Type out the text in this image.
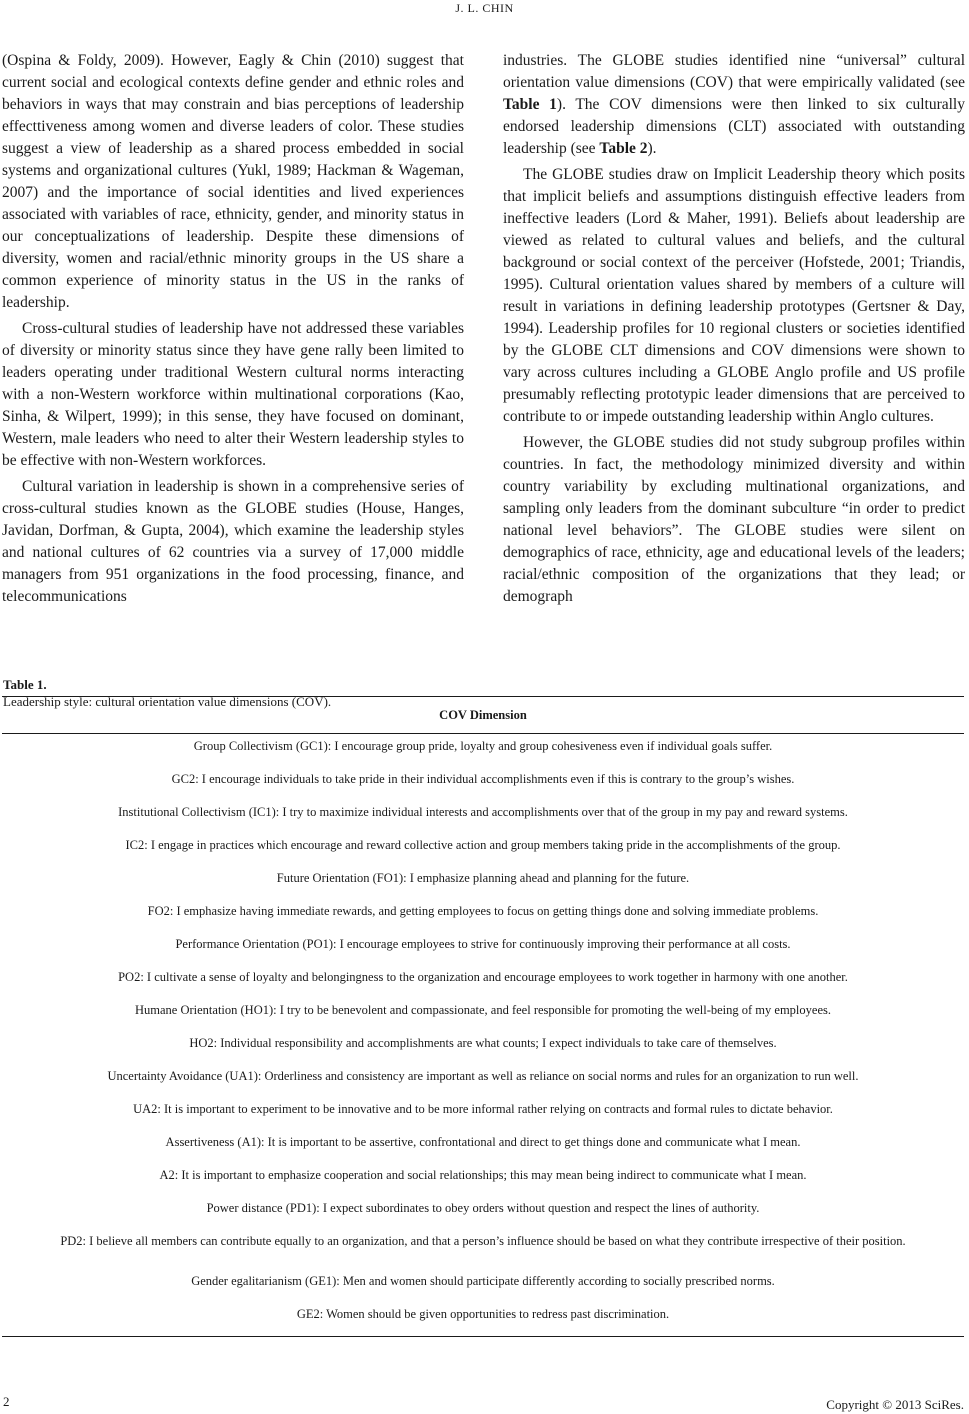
J. L. CHIN

(Ospina & Foldy, 2009). However, Eagly & Chin (2010) suggest that current social and ecological contexts define gender and ethnic roles and behaviors in ways that may constrain and bias perceptions of leadership effecttiveness among women and diverse leaders of color. These studies suggest a view of leadership as a shared process embedded in social systems and organizational cultures (Yukl, 1989; Hackman & Wageman, 2007) and the importance of social identities and lived experiences associated with variables of race, ethnicity, gender, and minority status in our conceptualizations of leadership. Despite these dimensions of diversity, women and racial/ethnic minority groups in the US share a common experience of minority status in the US in the ranks of leadership.

Cross-cultural studies of leadership have not addressed these variables of diversity or minority status since they have gene rally been limited to leaders operating under traditional Western cultural norms interacting with a non-Western workforce within multinational corporations (Kao, Sinha, & Wilpert, 1999); in this sense, they have focused on dominant, Western, male leaders who need to alter their Western leadership styles to be effective with non-Western workforces.

Cultural variation in leadership is shown in a comprehensive series of cross-cultural studies known as the GLOBE studies (House, Hanges, Javidan, Dorfman, & Gupta, 2004), which examine the leadership styles and national cultures of 62 countries via a survey of 17,000 middle managers from 951 organizations in the food processing, finance, and telecommunications

industries. The GLOBE studies identified nine “universal” cultural orientation value dimensions (COV) that were empirically validated (see Table 1). The COV dimensions were then linked to six culturally endorsed leadership dimensions (CLT) associated with outstanding leadership (see Table 2).

The GLOBE studies draw on Implicit Leadership theory which posits that implicit beliefs and assumptions distinguish effective leaders from ineffective leaders (Lord & Maher, 1991). Beliefs about leadership are viewed as related to cultural values and beliefs, and the cultural background or social context of the perceiver (Hofstede, 2001; Triandis, 1995). Cultural orientation values shared by members of a culture will result in variations in defining leadership prototypes (Gertsner & Day, 1994). Leadership profiles for 10 regional clusters or societies identified by the GLOBE CLT dimensions and COV dimensions were shown to vary across cultures including a GLOBE Anglo profile and US profile presumably reflecting prototypic leader dimensions that are perceived to contribute to or impede outstanding leadership within Anglo cultures.

However, the GLOBE studies did not study subgroup profiles within countries. In fact, the methodology minimized diversity and within country variability by excluding multinational organizations, and sampling only leaders from the dominant subculture “in order to predict national level behaviors”. The GLOBE studies were silent on demographics of race, ethnicity, age and educational levels of the leaders; racial/ethnic composition of the organizations that they lead; or demograph

Table 1.
Leadership style: cultural orientation value dimensions (COV).
COV Dimension
Group Collectivism (GC1): I encourage group pride, loyalty and group cohesiveness even if individual goals suffer.
GC2: I encourage individuals to take pride in their individual accomplishments even if this is contrary to the group’s wishes.
Institutional Collectivism (IC1): I try to maximize individual interests and accomplishments over that of the group in my pay and reward systems.
IC2: I engage in practices which encourage and reward collective action and group members taking pride in the accomplishments of the group.
Future Orientation (FO1): I emphasize planning ahead and planning for the future.
FO2: I emphasize having immediate rewards, and getting employees to focus on getting things done and solving immediate problems.
Performance Orientation (PO1): I encourage employees to strive for continuously improving their performance at all costs.
PO2: I cultivate a sense of loyalty and belongingness to the organization and encourage employees to work together in harmony with one another.
Humane Orientation (HO1): I try to be benevolent and compassionate, and feel responsible for promoting the well-being of my employees.
HO2: Individual responsibility and accomplishments are what counts; I expect individuals to take care of themselves.
Uncertainty Avoidance (UA1): Orderliness and consistency are important as well as reliance on social norms and rules for an organization to run well.
UA2: It is important to experiment to be innovative and to be more informal rather relying on contracts and formal rules to dictate behavior.
Assertiveness (A1): It is important to be assertive, confrontational and direct to get things done and communicate what I mean.
A2: It is important to emphasize cooperation and social relationships; this may mean being indirect to communicate what I mean.
Power distance (PD1): I expect subordinates to obey orders without question and respect the lines of authority.
PD2: I believe all members can contribute equally to an organization, and that a person’s influence should be based on what they contribute irrespective of their position.
Gender egalitarianism (GE1): Men and women should participate differently according to socially prescribed norms.
GE2: Women should be given opportunities to redress past discrimination.
2	Copyright © 2013 SciRes.
